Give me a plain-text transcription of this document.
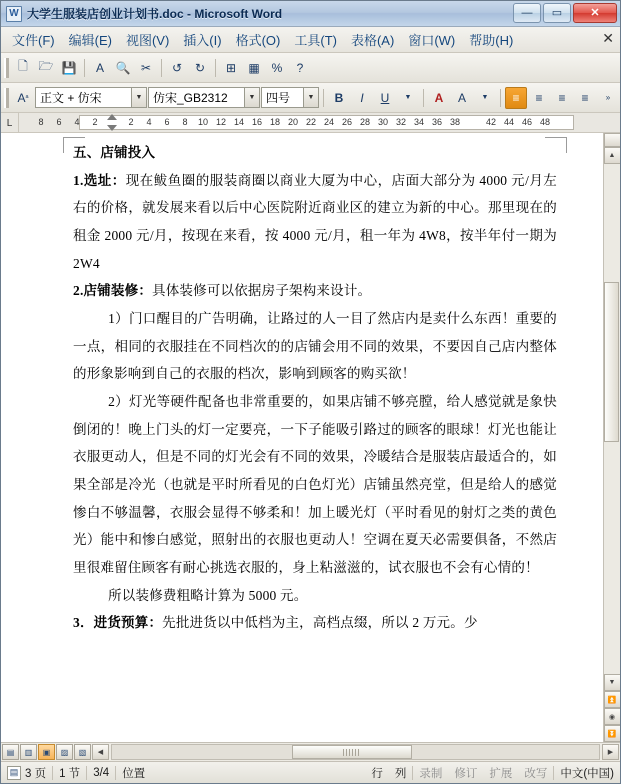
W
大学生服装店创业计划书.doc - Microsoft Word	—	▭	✕
文件(F)	编辑(E)	视图(V)	插入(I)	格式(O)	工具(T)	表格(A)	窗口(W)	帮助(H)	✕
🗋 🗁 💾	A 🔍 ✂	↺	↻	⊞	▦ %	?
A ᵃ 正文 + 仿宋	▼ 仿宋_GB2312	▼ 四号	▼	B	I	U	▼	A	A	▼	≡	≡	≡	≡	»
L	8 6 4 2	2 4 6 8 10 12 14 16 18 20 22 24 26 28 30 32 34 36 38	42 44 46 48

五、店铺投入

1.选址：现在鲅鱼圈的服装商圈以商业大厦为中心，店面大部分为 4000 元/月左右的价格，就发展来看以后中心医院附近商业区的建立为新的中心。那里现在的租金 2000 元/月，按现在来看，按 4000 元/月，租一年为 4W8，按半年付一期为 2W4

2.店铺装修：具体装修可以依据房子架构来设计。

1）门口醒目的广告明确，让路过的人一目了然店内是卖什么东西！重要的一点，相同的衣服挂在不同档次的的店铺会用不同的效果，不要因自己店内整体的形象影响到自己的衣服的档次，影响到顾客的购买欲！

2）灯光等硬件配备也非常重要的，如果店铺不够亮膛，给人感觉就是象快倒闭的！晚上门头的灯一定要亮，一下子能吸引路过的顾客的眼球！灯光也能让衣服更动人，但是不同的灯光会有不同的效果，冷暖结合是服装店最适合的，如果全部是冷光（也就是平时所看见的白色灯光）店铺虽然亮堂，但是给人的感觉惨白不够温馨，衣服会显得不够柔和！加上暖光灯（平时看见的射灯之类的黄色光）能中和惨白感觉，照射出的衣服也更动人！空调在夏天必需要俱备，不然店里很难留住顾客有耐心挑选衣服的，身上粘滋滋的，试衣服也不会有心情的！

所以装修费粗略计算为 5000 元。

3．进货预算：先批进货以中低档为主，高档点缀，所以 2 万元。少

▲
▼
⏫
◉
⏬
▤	▥	▣	▨	▧	◀	▶
▤ 3 页	1 节	3/4	位置	行	列	录制	修订	扩展	改写	中文(中国)
